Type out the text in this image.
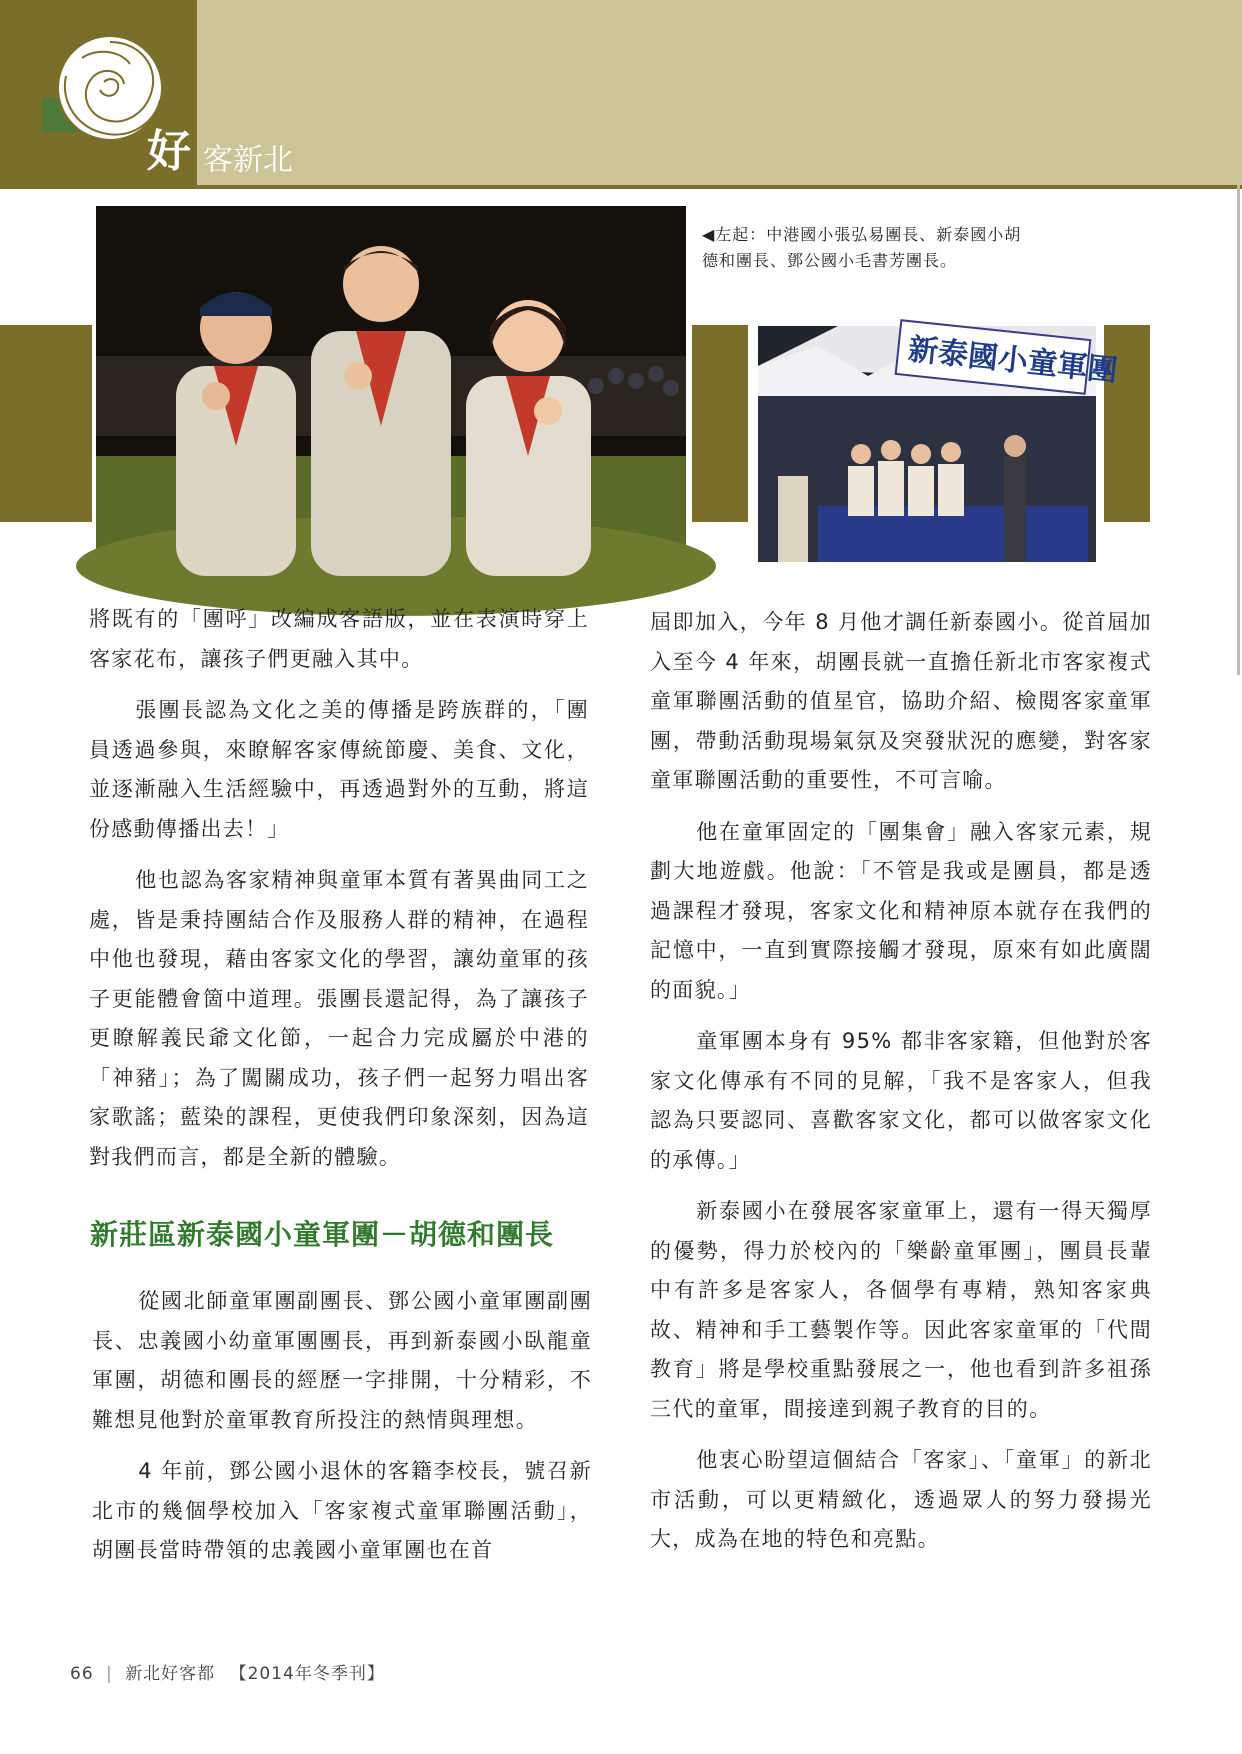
好 客新北
◀左起：中港國小張弘易團長、新泰國小胡德和團長、鄧公國小毛書芳團長。
新泰國小童軍團

將既有的「團呼」改編成客語版，並在表演時穿上客家花布，讓孩子們更融入其中。

張團長認為文化之美的傳播是跨族群的，「團員透過參與，來瞭解客家傳統節慶、美食、文化，並逐漸融入生活經驗中，再透過對外的互動，將這份感動傳播出去！」

他也認為客家精神與童軍本質有著異曲同工之處，皆是秉持團結合作及服務人群的精神，在過程中他也發現，藉由客家文化的學習，讓幼童軍的孩子更能體會箇中道理。張團長還記得，為了讓孩子更瞭解義民爺文化節，一起合力完成屬於中港的「神豬」；為了闖關成功，孩子們一起努力唱出客家歌謠；藍染的課程，更使我們印象深刻，因為這對我們而言，都是全新的體驗。

新莊區新泰國小童軍團－胡德和團長

從國北師童軍團副團長、鄧公國小童軍團副團長、忠義國小幼童軍團團長，再到新泰國小臥龍童軍團，胡德和團長的經歷一字排開，十分精彩，不難想見他對於童軍教育所投注的熱情與理想。

4 年前，鄧公國小退休的客籍李校長，號召新北市的幾個學校加入「客家複式童軍聯團活動」，胡團長當時帶領的忠義國小童軍團也在首

屆即加入，今年 8 月他才調任新泰國小。從首屆加入至今 4 年來，胡團長就一直擔任新北市客家複式童軍聯團活動的值星官，協助介紹、檢閱客家童軍團，帶動活動現場氣氛及突發狀況的應變，對客家童軍聯團活動的重要性，不可言喻。

他在童軍固定的「團集會」融入客家元素，規劃大地遊戲。他說：「不管是我或是團員，都是透過課程才發現，客家文化和精神原本就存在我們的記憶中，一直到實際接觸才發現，原來有如此廣闊的面貌。」

童軍團本身有 95% 都非客家籍，但他對於客家文化傳承有不同的見解，「我不是客家人，但我認為只要認同、喜歡客家文化，都可以做客家文化的承傳。」

新泰國小在發展客家童軍上，還有一得天獨厚的優勢，得力於校內的「樂齡童軍團」，團員長輩中有許多是客家人，各個學有專精，熟知客家典故、精神和手工藝製作等。因此客家童軍的「代間教育」將是學校重點發展之一，他也看到許多祖孫三代的童軍，間接達到親子教育的目的。

他衷心盼望這個結合「客家」、「童軍」的新北市活動，可以更精緻化，透過眾人的努力發揚光大，成為在地的特色和亮點。

66 | 新北好客都 【2014年冬季刊】
